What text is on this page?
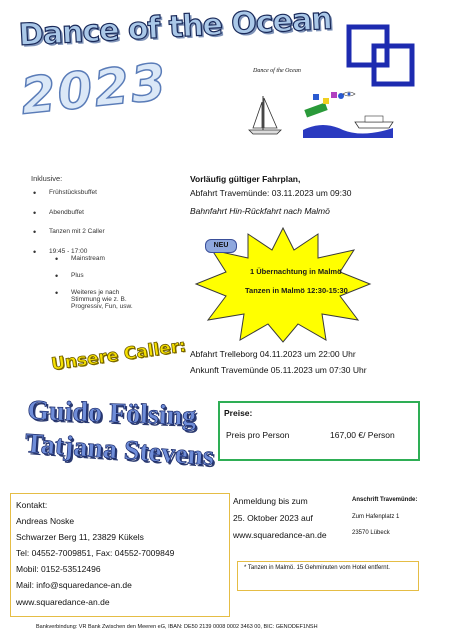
Dance of the Ocean
2023	Dance of the Ocean
Inklusive:
• Frühstücksbuffet
• Abendbuffet
• Tanzen mit 2 Caller
• 19:45 - 17:00
• Mainstream
• Plus
• Weiteres je nach Stimmung wie z. B. Progressiv, Fun, usw.
Vorläufig gültiger Fahrplan,
Abfahrt Travemünde: 03.11.2023 um 09:30
Bahnfahrt Hin-Rückfahrt nach Malmö
NEU
1 Übernachtung in Malmö
Tanzen in Malmö 12:30-15:30
Abfahrt Trelleborg 04.11.2023 um 22:00 Uhr
Ankunft Travemünde 05.11.2023 um 07:30 Uhr
Unsere Caller:
Guido Fölsing
Tatjana Stevens
Preise:
Preis pro Person	167,00 €/ Person
Kontakt:
Andreas Noske
Schwarzer Berg 11, 23829 Kükels
Tel: 04552-7009851, Fax: 04552-7009849
Mobil: 0152-53512496
Mail: info@squaredance-an.de
www.squaredance-an.de
Anmeldung bis zum
25. Oktober 2023 auf
www.squaredance-an.de
Anschrift Travemünde:
Zum Hafenplatz 1
23570 Lübeck
* Tanzen in Malmö. 15 Gehminuten vom Hotel entfernt.
Bankverbindung: VR Bank Zwischen den Meeren eG, IBAN: DE50 2139 0008 0002 3463 00, BIC: GENODEF1NSH
